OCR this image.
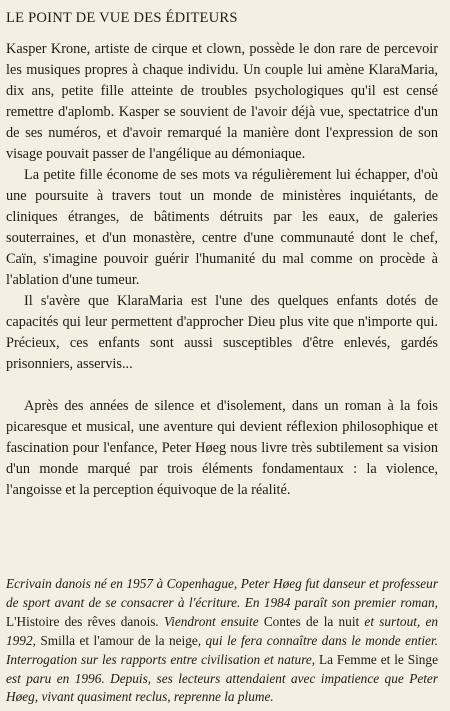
LE POINT DE VUE DES ÉDITEURS

Kasper Krone, artiste de cirque et clown, possède le don rare de percevoir les musiques propres à chaque individu. Un couple lui amène KlaraMaria, dix ans, petite fille atteinte de troubles psychologiques qu'il est censé remettre d'aplomb. Kasper se souvient de l'avoir déjà vue, spectatrice d'un de ses numéros, et d'avoir remarqué la manière dont l'expression de son visage pouvait passer de l'angélique au démoniaque.

La petite fille économe de ses mots va régulièrement lui échapper, d'où une poursuite à travers tout un monde de ministères inquiétants, de cliniques étranges, de bâtiments détruits par les eaux, de galeries souterraines, et d'un monastère, centre d'une communauté dont le chef, Caïn, s'imagine pouvoir guérir l'humanité du mal comme on procède à l'ablation d'une tumeur.

Il s'avère que KlaraMaria est l'une des quelques enfants dotés de capacités qui leur permettent d'approcher Dieu plus vite que n'importe qui. Précieux, ces enfants sont aussi susceptibles d'être enlevés, gardés prisonniers, asservis...

Après des années de silence et d'isolement, dans un roman à la fois picaresque et musical, une aventure qui devient réflexion philosophique et fascination pour l'enfance, Peter Høeg nous livre très subtilement sa vision d'un monde marqué par trois éléments fondamentaux : la violence, l'angoisse et la perception équivoque de la réalité.

Ecrivain danois né en 1957 à Copenhague, Peter Høeg fut danseur et professeur de sport avant de se consacrer à l'écriture. En 1984 paraît son premier roman, L'Histoire des rêves danois. Viendront ensuite Contes de la nuit et surtout, en 1992, Smilla et l'amour de la neige, qui le fera connaître dans le monde entier. Interrogation sur les rapports entre civilisation et nature, La Femme et le Singe est paru en 1996. Depuis, ses lecteurs attendaient avec impatience que Peter Høeg, vivant quasiment reclus, reprenne la plume.
